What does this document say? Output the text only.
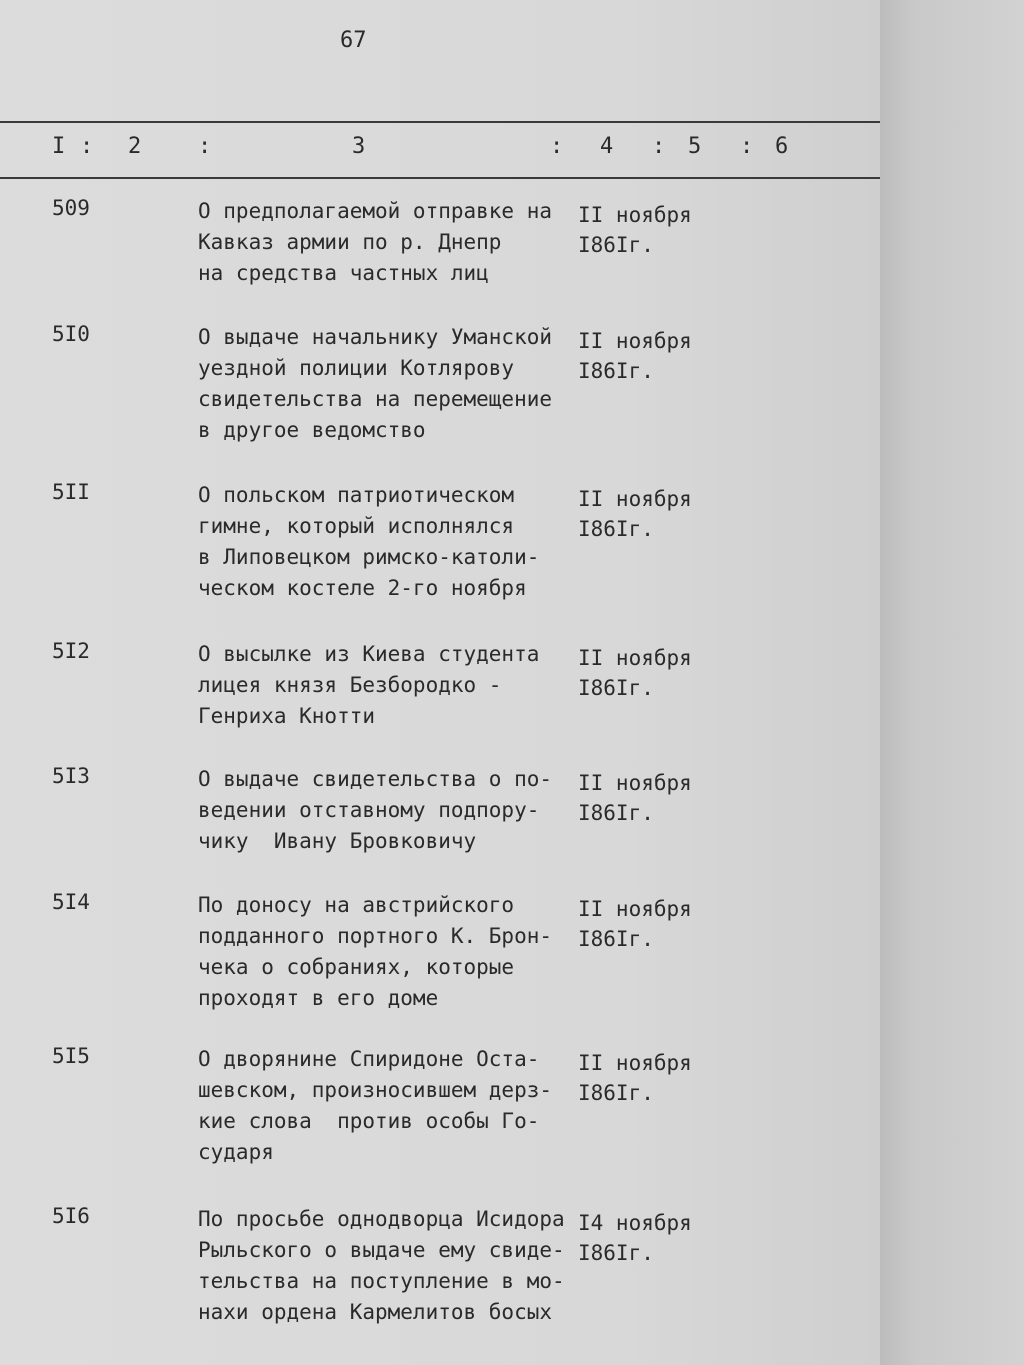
67
I : 2	:	3	: 4 : 5 : 6
509	О предполагаемой отправке на
Кавказ армии по р. Днепр
на средства частных лиц
II ноября
I86Iг.
5I0	О выдаче начальнику Уманской
уездной полиции Котлярову
свидетельства на перемещение
в другое ведомство
II ноября
I86Iг.
5II	О польском патриотическом
гимне, который исполнялся
в Липовецком римско-католи-
ческом костеле 2-го ноября
II ноября
I86Iг.
5I2	О высылке из Киева студента
лицея князя Безбородко -
Генриха Кнотти
II ноября
I86Iг.
5I3	О выдаче свидетельства о по-
ведении отставному подпору-
чику  Ивану Бровковичу
II ноября
I86Iг.
5I4	По доносу на австрийского
подданного портного К. Брон-
чека о собраниях, которые
проходят в его доме
II ноября
I86Iг.
5I5	О дворянине Спиридоне Оста-
шевском, произносившем дерз-
кие слова  против особы Го-
сударя
II ноября
I86Iг.
5I6	По просьбе однодворца Исидора
Рыльского о выдаче ему свиде-
тельства на поступление в мо-
нахи ордена Кармелитов босых
I4 ноября
I86Iг.
